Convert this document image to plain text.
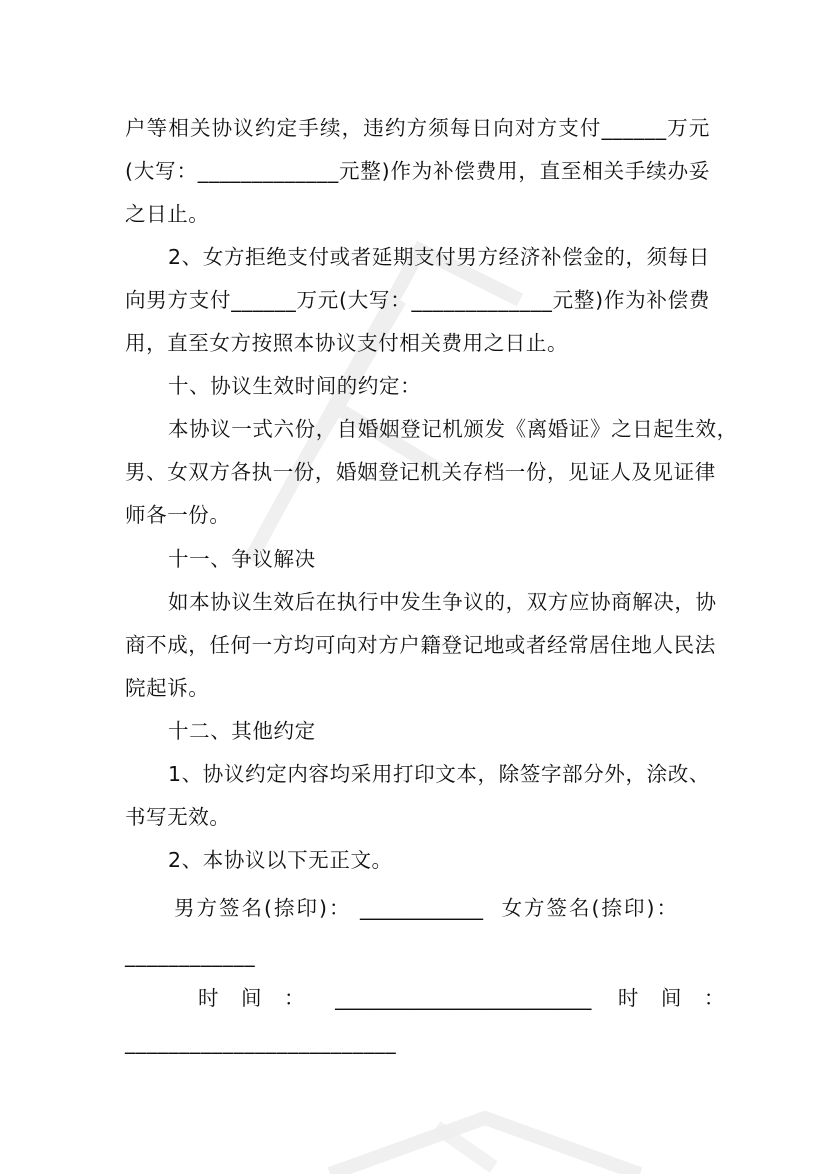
户等相关协议约定手续，违约方须每日向对方支付______万元
(大写：_____________元整)作为补偿费用，直至相关手续办妥
之日止。
2、女方拒绝支付或者延期支付男方经济补偿金的，须每日
向男方支付______万元(大写：_____________元整)作为补偿费
用，直至女方按照本协议支付相关费用之日止。
十、协议生效时间的约定：
本协议一式六份，自婚姻登记机颁发《离婚证》之日起生效，
男、女双方各执一份，婚姻登记机关存档一份，见证人及见证律
师各一份。
十一、争议解决
如本协议生效后在执行中发生争议的，双方应协商解决，协
商不成，任何一方均可向对方户籍登记地或者经常居住地人民法
院起诉。
十二、其他约定
1、协议约定内容均采用打印文本，除签字部分外，涂改、
书写无效。
2、本协议以下无正文。
男方签名(捺印)： ____________ 女方签名(捺印)：
____________
时 间 ： _________________________ 时 间 ：
_________________________
